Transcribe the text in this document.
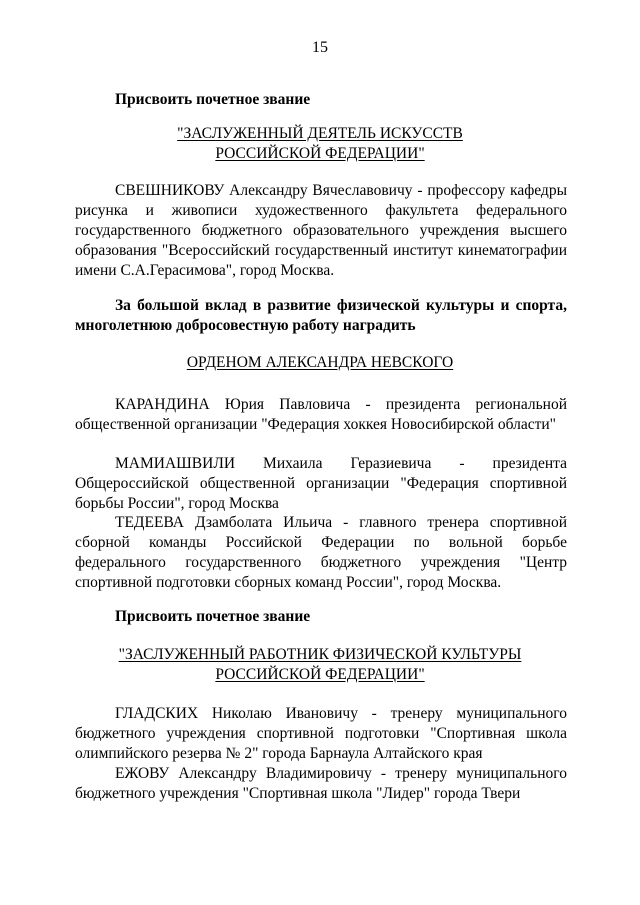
15

Присвоить почетное звание

"ЗАСЛУЖЕННЫЙ ДЕЯТЕЛЬ ИСКУССТВ

РОССИЙСКОЙ ФЕДЕРАЦИИ"

СВЕШНИКОВУ Александру Вячеславовичу - профессору кафедры рисунка и живописи художественного факультета федерального государственного бюджетного образовательного учреждения высшего образования "Всероссийский государственный институт кинематографии имени С.А.Герасимова", город Москва.

За большой вклад в развитие физической культуры и спорта, многолетнюю добросовестную работу наградить

ОРДЕНОМ АЛЕКСАНДРА НЕВСКОГО

КАРАНДИНА Юрия Павловича - президента региональной общественной организации "Федерация хоккея Новосибирской области"

МАМИАШВИЛИ Михаила Геразиевича - президента Общероссийской общественной организации "Федерация спортивной борьбы России", город Москва

ТЕДЕЕВА Дзамболата Ильича - главного тренера спортивной сборной команды Российской Федерации по вольной борьбе федерального государственного бюджетного учреждения "Центр спортивной подготовки сборных команд России", город Москва.

Присвоить почетное звание

"ЗАСЛУЖЕННЫЙ РАБОТНИК ФИЗИЧЕСКОЙ КУЛЬТУРЫ

РОССИЙСКОЙ ФЕДЕРАЦИИ"

ГЛАДСКИХ Николаю Ивановичу - тренеру муниципального бюджетного учреждения спортивной подготовки "Спортивная школа олимпийского резерва № 2" города Барнаула Алтайского края

ЕЖОВУ Александру Владимировичу - тренеру муниципального бюджетного учреждения "Спортивная школа "Лидер" города Твери
